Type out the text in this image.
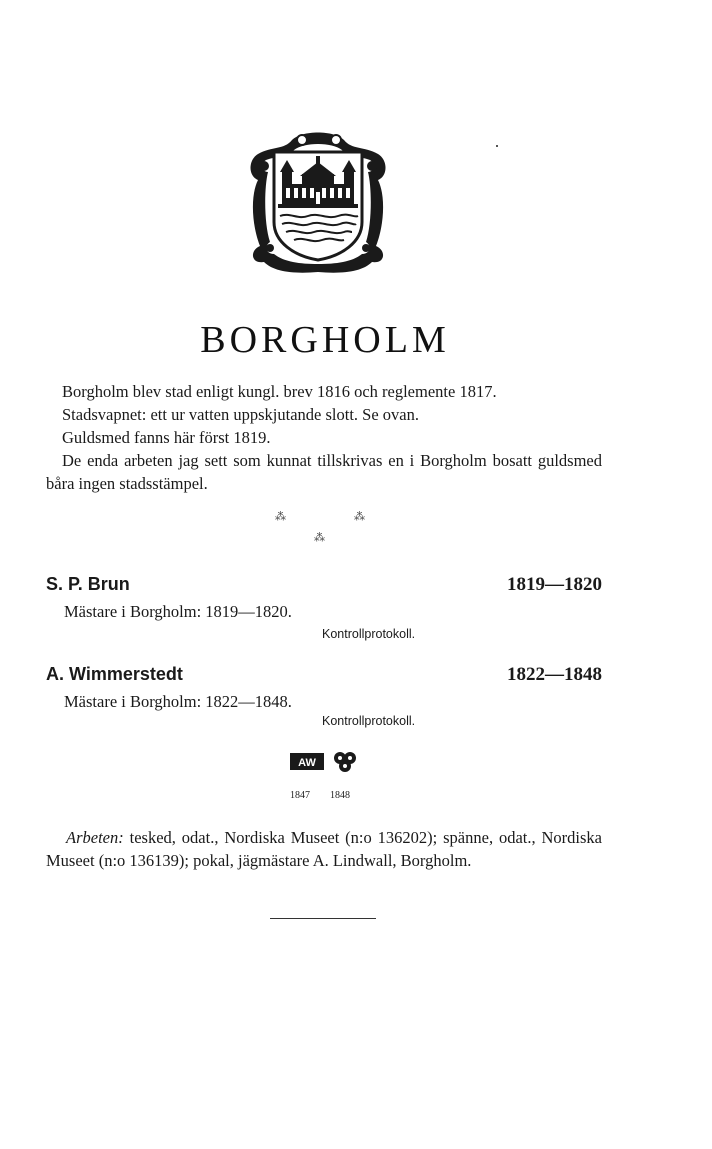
BORGHOLM

Borgholm blev stad enligt kungl. brev 1816 och reglemente 1817.

Stadsvapnet: ett ur vatten uppskjutande slott. Se ovan.

Guldsmed fanns här först 1819.

De enda arbeten jag sett som kunnat tillskrivas en i Borgholm bosatt guldsmed båra ingen stadsstämpel.

⁂	⁂
⁂
S. P. Brun	1819—1820
Mästare i Borgholm: 1819—1820.
Kontrollprotokoll.
A. Wimmerstedt	1822—1848
Mästare i Borgholm: 1822—1848.
Kontrollprotokoll.
AW
1847 1848

Arbeten: tesked, odat., Nordiska Museet (n:o 136202); spänne, odat., Nordiska Museet (n:o 136139); pokal, jägmästare A. Lindwall, Borgholm.
